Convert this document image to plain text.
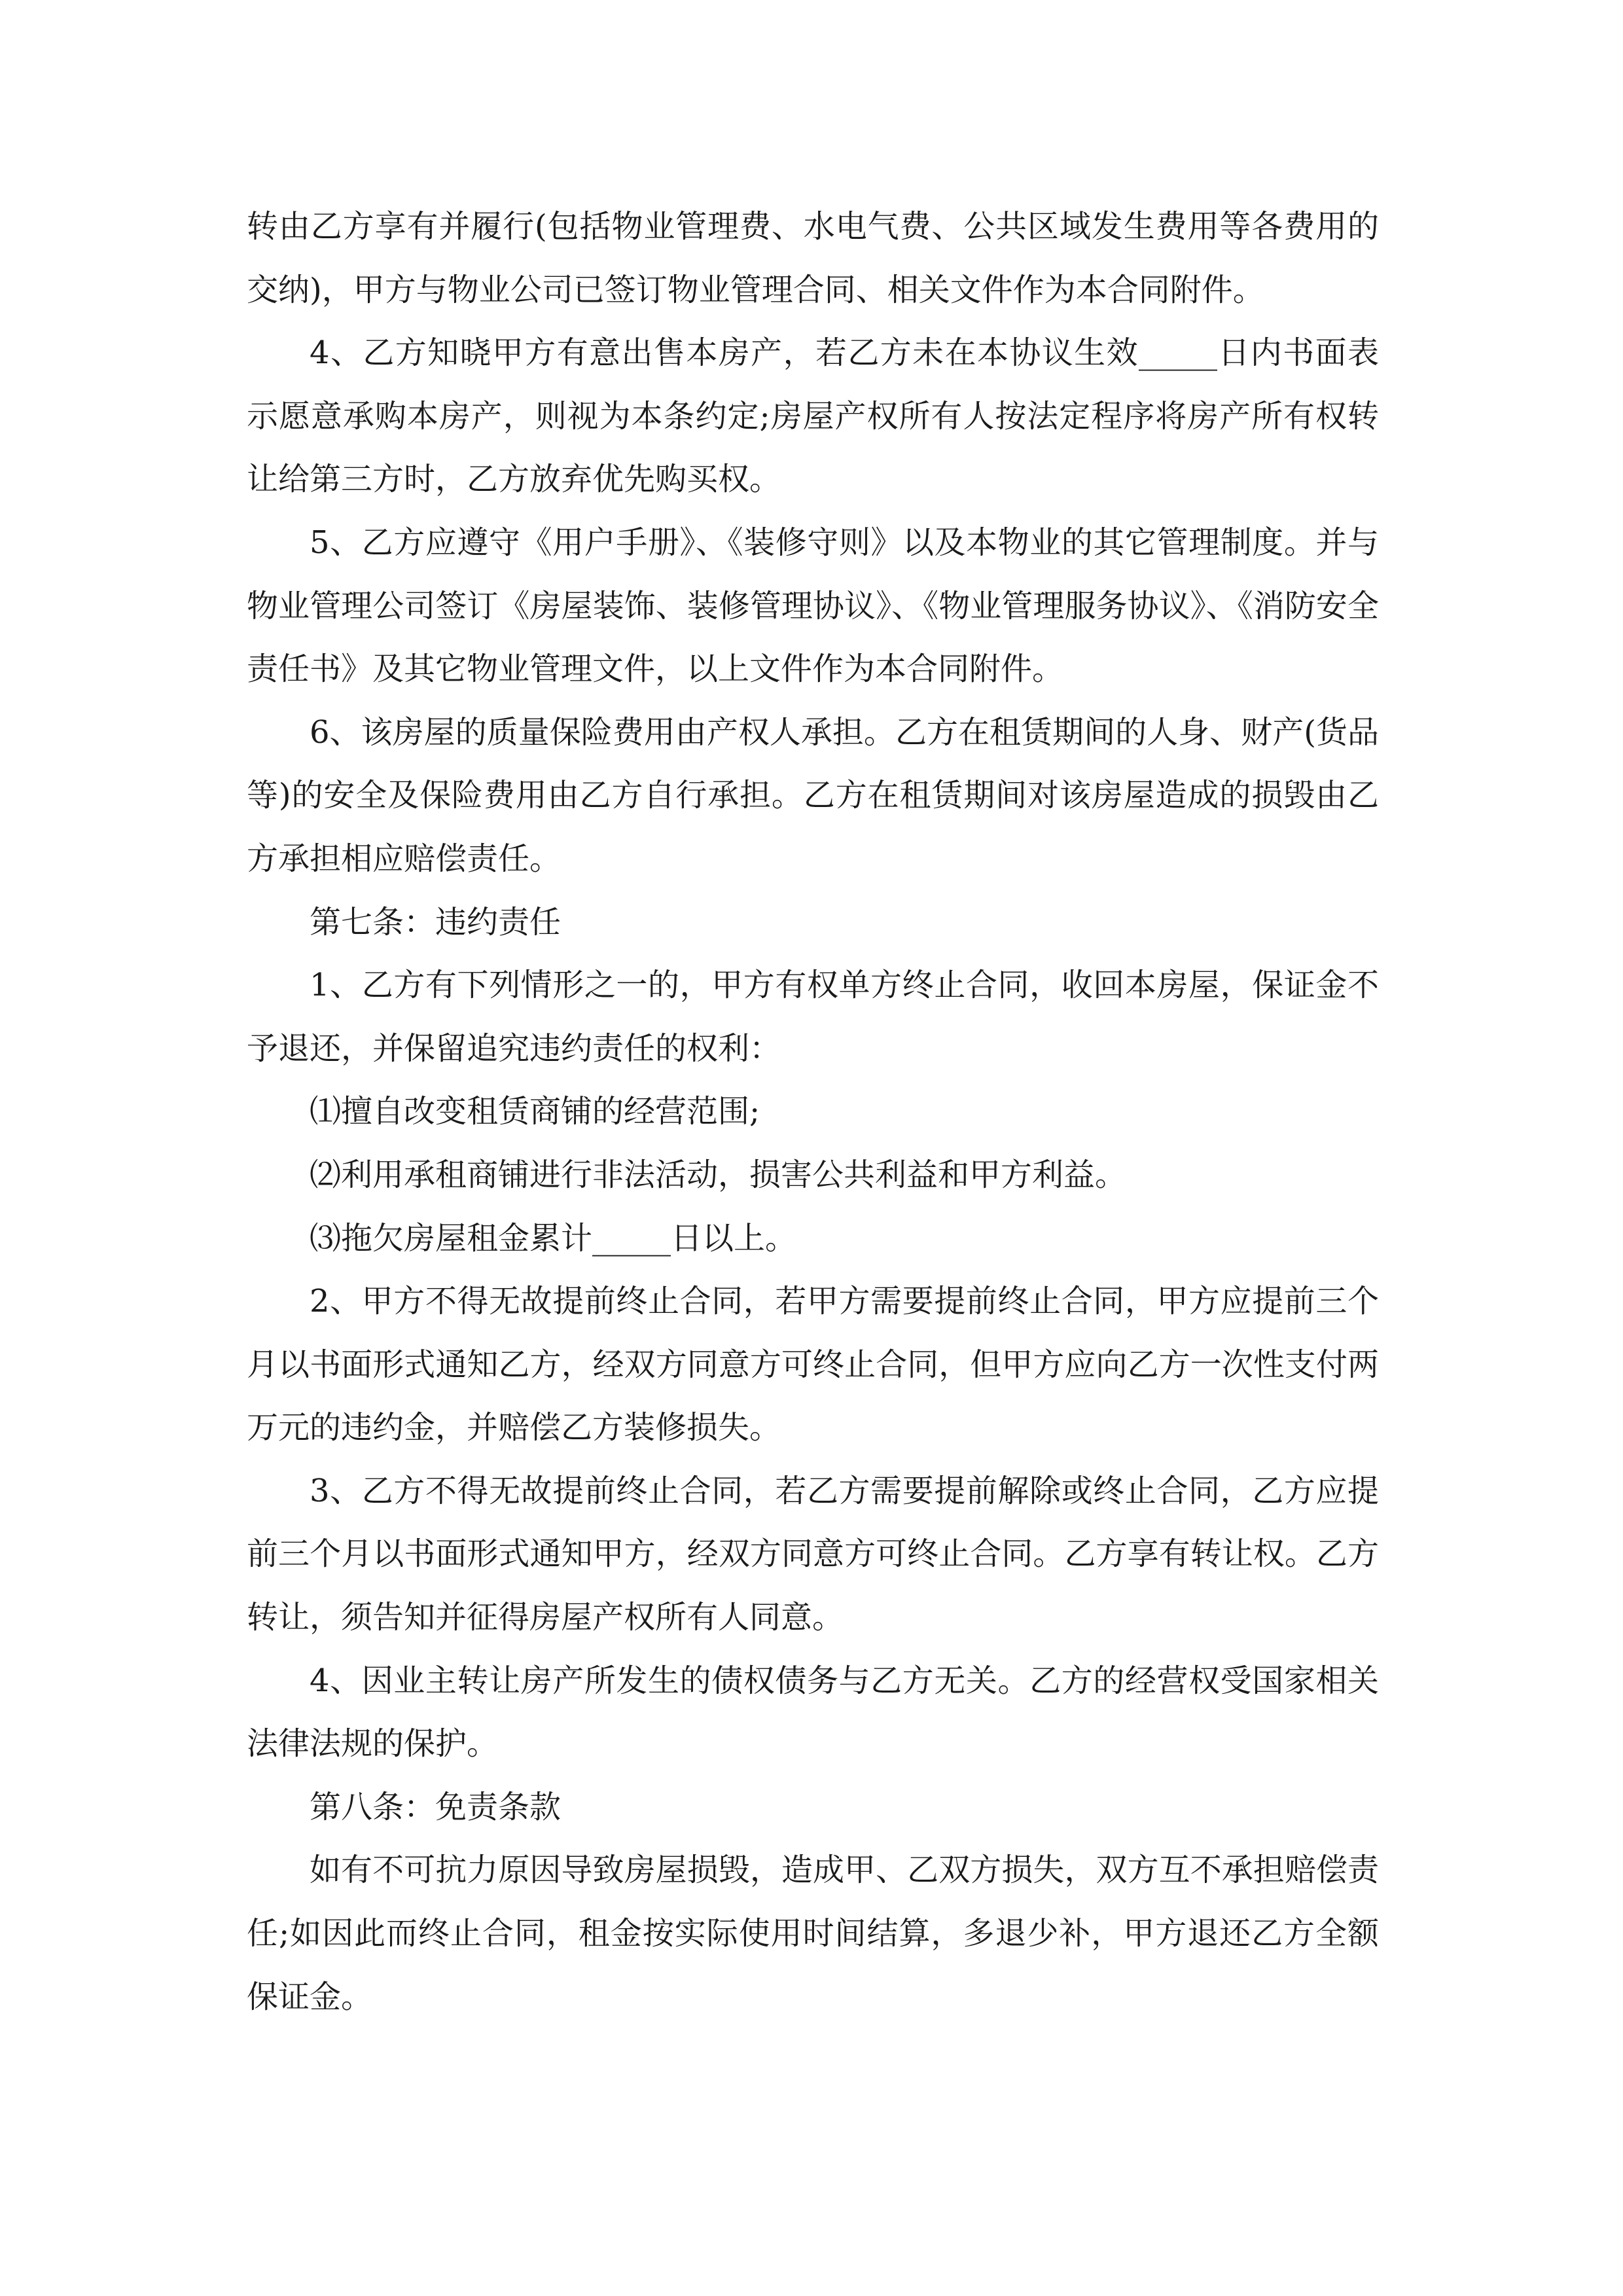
转由乙方享有并履行(包括物业管理费、水电气费、公共区域发生费用等各费用的交纳)，甲方与物业公司已签订物业管理合同、相关文件作为本合同附件。

4、乙方知晓甲方有意出售本房产，若乙方未在本协议生效_____日内书面表示愿意承购本房产，则视为本条约定;房屋产权所有人按法定程序将房产所有权转让给第三方时，乙方放弃优先购买权。

5、乙方应遵守《用户手册》、《装修守则》以及本物业的其它管理制度。并与物业管理公司签订《房屋装饰、装修管理协议》、《物业管理服务协议》、《消防安全责任书》及其它物业管理文件，以上文件作为本合同附件。

6、该房屋的质量保险费用由产权人承担。乙方在租赁期间的人身、财产(货品等)的安全及保险费用由乙方自行承担。乙方在租赁期间对该房屋造成的损毁由乙方承担相应赔偿责任。

第七条：违约责任

1、乙方有下列情形之一的，甲方有权单方终止合同，收回本房屋，保证金不予退还，并保留追究违约责任的权利：

⑴擅自改变租赁商铺的经营范围;

⑵利用承租商铺进行非法活动，损害公共利益和甲方利益。

⑶拖欠房屋租金累计_____日以上。

2、甲方不得无故提前终止合同，若甲方需要提前终止合同，甲方应提前三个月以书面形式通知乙方，经双方同意方可终止合同，但甲方应向乙方一次性支付两万元的违约金，并赔偿乙方装修损失。

3、乙方不得无故提前终止合同，若乙方需要提前解除或终止合同，乙方应提前三个月以书面形式通知甲方，经双方同意方可终止合同。乙方享有转让权。乙方转让，须告知并征得房屋产权所有人同意。

4、因业主转让房产所发生的债权债务与乙方无关。乙方的经营权受国家相关法律法规的保护。

第八条：免责条款

如有不可抗力原因导致房屋损毁，造成甲、乙双方损失，双方互不承担赔偿责任;如因此而终止合同，租金按实际使用时间结算，多退少补，甲方退还乙方全额保证金。
